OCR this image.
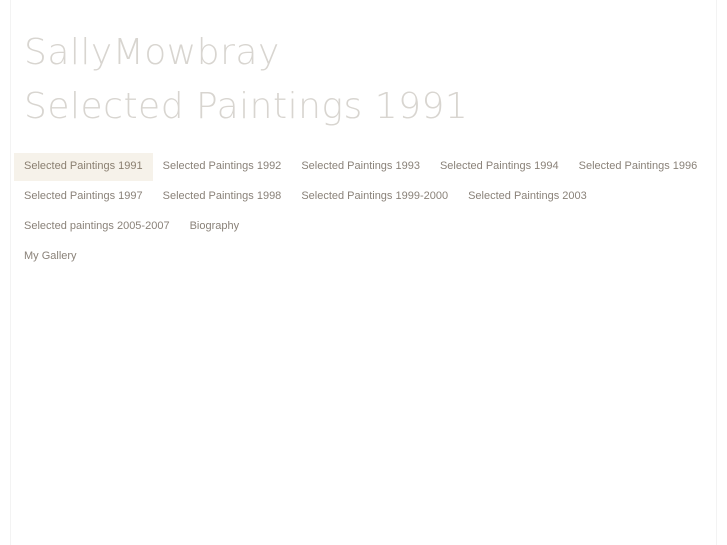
SallyMowbray
Selected Paintings 1991
Selected Paintings 1991	Selected Paintings 1992	Selected Paintings 1993	Selected Paintings 1994	Selected Paintings 1996
Selected Paintings 1997	Selected Paintings 1998	Selected Paintings 1999-2000	Selected Paintings 2003
Selected paintings 2005-2007	Biography
My Gallery
